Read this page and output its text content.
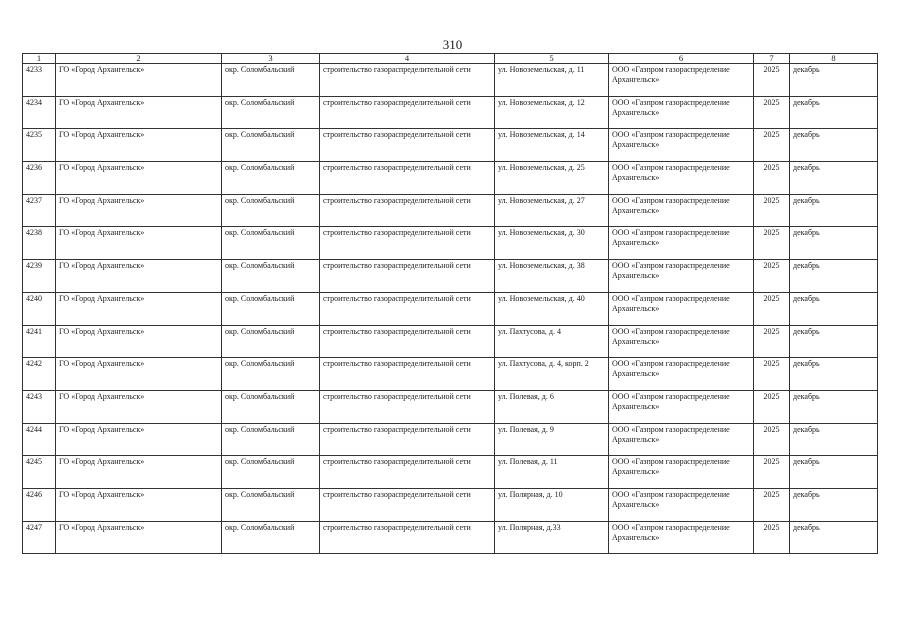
310
1	2	3	4	5	6	7	8
4233	ГО «Город Архангельск»	окр. Соломбальский	строительство газораспределительной сети	ул. Новоземельская, д. 11	ООО «Газпром газораспределение Архангельск»	2025	декабрь
4234	ГО «Город Архангельск»	окр. Соломбальский	строительство газораспределительной сети	ул. Новоземельская, д. 12	ООО «Газпром газораспределение Архангельск»	2025	декабрь
4235	ГО «Город Архангельск»	окр. Соломбальский	строительство газораспределительной сети	ул. Новоземельская, д. 14	ООО «Газпром газораспределение Архангельск»	2025	декабрь
4236	ГО «Город Архангельск»	окр. Соломбальский	строительство газораспределительной сети	ул. Новоземельская, д. 25	ООО «Газпром газораспределение Архангельск»	2025	декабрь
4237	ГО «Город Архангельск»	окр. Соломбальский	строительство газораспределительной сети	ул. Новоземельская, д. 27	ООО «Газпром газораспределение Архангельск»	2025	декабрь
4238	ГО «Город Архангельск»	окр. Соломбальский	строительство газораспределительной сети	ул. Новоземельская, д. 30	ООО «Газпром газораспределение Архангельск»	2025	декабрь
4239	ГО «Город Архангельск»	окр. Соломбальский	строительство газораспределительной сети	ул. Новоземельская, д. 38	ООО «Газпром газораспределение Архангельск»	2025	декабрь
4240	ГО «Город Архангельск»	окр. Соломбальский	строительство газораспределительной сети	ул. Новоземельская, д. 40	ООО «Газпром газораспределение Архангельск»	2025	декабрь
4241	ГО «Город Архангельск»	окр. Соломбальский	строительство газораспределительной сети	ул. Пахтусова, д. 4	ООО «Газпром газораспределение Архангельск»	2025	декабрь
4242	ГО «Город Архангельск»	окр. Соломбальский	строительство газораспределительной сети	ул. Пахтусова, д. 4, корп. 2	ООО «Газпром газораспределение Архангельск»	2025	декабрь
4243	ГО «Город Архангельск»	окр. Соломбальский	строительство газораспределительной сети	ул. Полевая, д. 6	ООО «Газпром газораспределение Архангельск»	2025	декабрь
4244	ГО «Город Архангельск»	окр. Соломбальский	строительство газораспределительной сети	ул. Полевая, д. 9	ООО «Газпром газораспределение Архангельск»	2025	декабрь
4245	ГО «Город Архангельск»	окр. Соломбальский	строительство газораспределительной сети	ул. Полевая, д. 11	ООО «Газпром газораспределение Архангельск»	2025	декабрь
4246	ГО «Город Архангельск»	окр. Соломбальский	строительство газораспределительной сети	ул. Полярная, д. 10	ООО «Газпром газораспределение Архангельск»	2025	декабрь
4247	ГО «Город Архангельск»	окр. Соломбальский	строительство газораспределительной сети	ул. Полярная, д.33	ООО «Газпром газораспределение Архангельск»	2025	декабрь
